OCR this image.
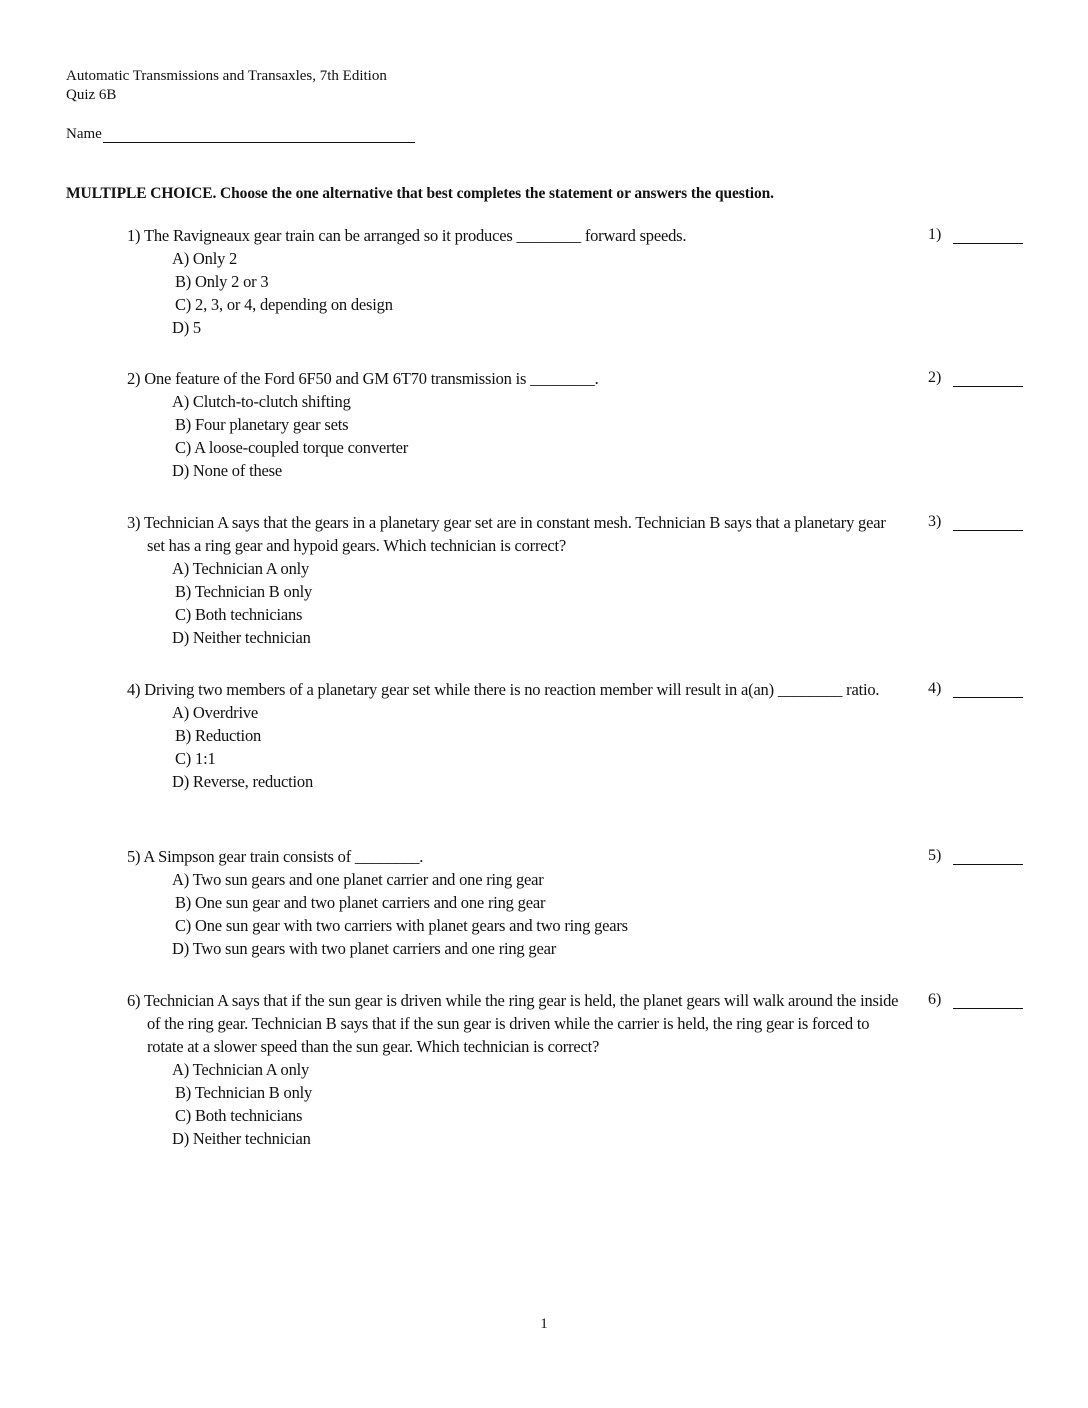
Automatic Transmissions and Transaxles, 7th Edition
Quiz 6B
Name
MULTIPLE CHOICE. Choose the one alternative that best completes the statement or answers the question.
1) The Ravigneaux gear train can be arranged so it produces ________ forward speeds.
A) Only 2
B) Only 2 or 3
C) 2, 3, or 4, depending on design
D) 5
1)
2) One feature of the Ford 6F50 and GM 6T70 transmission is ________.
A) Clutch-to-clutch shifting
B) Four planetary gear sets
C) A loose-coupled torque converter
D) None of these
2)
3) Technician A says that the gears in a planetary gear set are in constant mesh. Technician B says that a planetary gear set has a ring gear and hypoid gears. Which technician is correct?
A) Technician A only
B) Technician B only
C) Both technicians
D) Neither technician
3)
4) Driving two members of a planetary gear set while there is no reaction member will result in a(an) ________ ratio.
A) Overdrive
B) Reduction
C) 1:1
D) Reverse, reduction
4)
5) A Simpson gear train consists of ________.
A) Two sun gears and one planet carrier and one ring gear
B) One sun gear and two planet carriers and one ring gear
C) One sun gear with two carriers with planet gears and two ring gears
D) Two sun gears with two planet carriers and one ring gear
5)
6) Technician A says that if the sun gear is driven while the ring gear is held, the planet gears will walk around the inside of the ring gear. Technician B says that if the sun gear is driven while the carrier is held, the ring gear is forced to rotate at a slower speed than the sun gear. Which technician is correct?
A) Technician A only
B) Technician B only
C) Both technicians
D) Neither technician
6)
1
